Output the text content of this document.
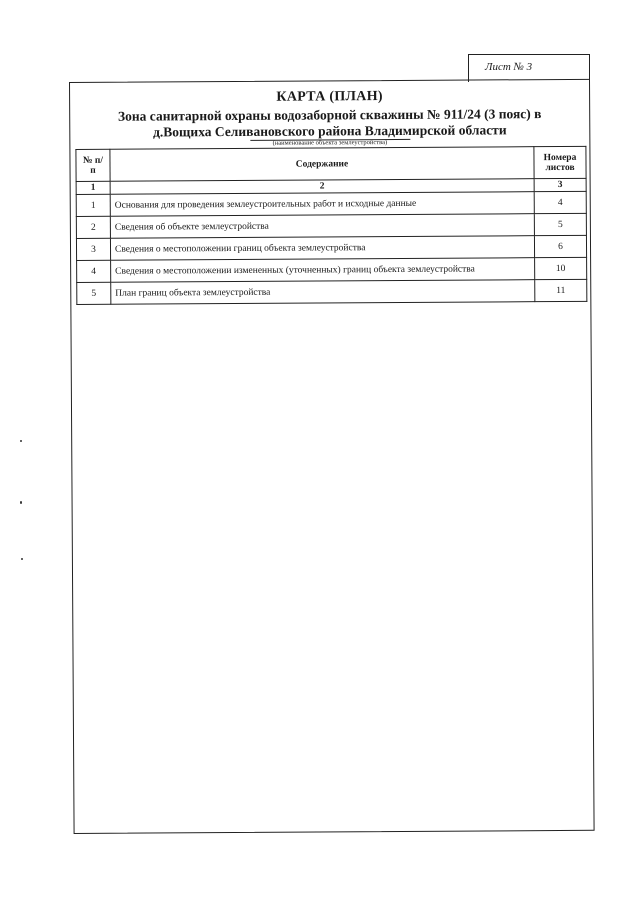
Лист № 3
КАРТА (ПЛАН)
Зона санитарной охраны водозаборной скважины № 911/24 (3 пояс) в
д.Вощиха Селивановского района Владимирской области
(наименование объекта землеустройства)
№ п/п	Содержание	Номера листов
1	2	3
1	Основания для проведения землеустроительных работ и исходные данные	4
2	Сведения об объекте землеустройства	5
3	Сведения о местоположении границ объекта землеустройства	6
4	Сведения о местоположении измененных (уточненных) границ объекта землеустройства	10
5	План границ объекта землеустройства	11
